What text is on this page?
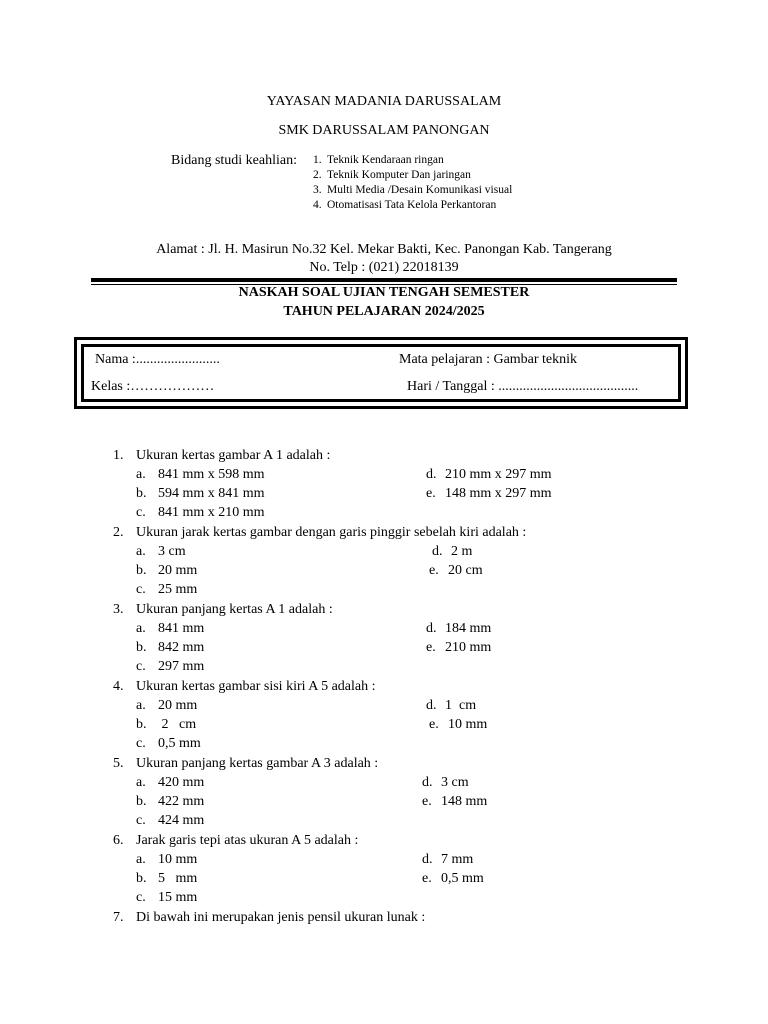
YAYASAN MADANIA DARUSSALAM
SMK DARUSSALAM PANONGAN
Bidang studi keahlian: 1. Teknik Kendaraan ringan
2. Teknik Komputer Dan jaringan
3. Multi Media /Desain Komunikasi visual
4. Otomatisasi Tata Kelola Perkantoran
Alamat : Jl. H. Masirun No.32 Kel. Mekar Bakti, Kec. Panongan Kab. Tangerang
No. Telp : (021) 22018139
NASKAH SOAL UJIAN TENGAH SEMESTER
TAHUN PELAJARAN 2024/2025
Nama :........................
Kelas :………………
Mata pelajaran : Gambar teknik
Hari / Tanggal : ........................................
1. Ukuran kertas gambar A 1 adalah :
a. 841 mm x 598 mm
b. 594 mm x 841 mm
c. 841 mm x 210 mm
d. 210 mm x 297 mm
e. 148 mm x 297 mm
2. Ukuran jarak kertas gambar dengan garis pinggir sebelah kiri adalah :
a. 3 cm
b. 20 mm
c. 25 mm
d. 2 m
e. 20 cm
3. Ukuran panjang kertas A 1 adalah :
a. 841 mm
b. 842 mm
c. 297 mm
d. 184 mm
e. 210 mm
4. Ukuran kertas gambar sisi kiri A 5 adalah :
a. 20 mm
b. 2   cm
c. 0,5 mm
d. 1  cm
e. 10 mm
5. Ukuran panjang kertas gambar A 3 adalah :
a. 420 mm
b. 422 mm
c. 424 mm
d. 3 cm
e. 148 mm
6. Jarak garis tepi atas ukuran A 5 adalah :
a. 10 mm
b. 5   mm
c. 15 mm
d. 7 mm
e. 0,5 mm
7. Di bawah ini merupakan jenis pensil ukuran lunak :
